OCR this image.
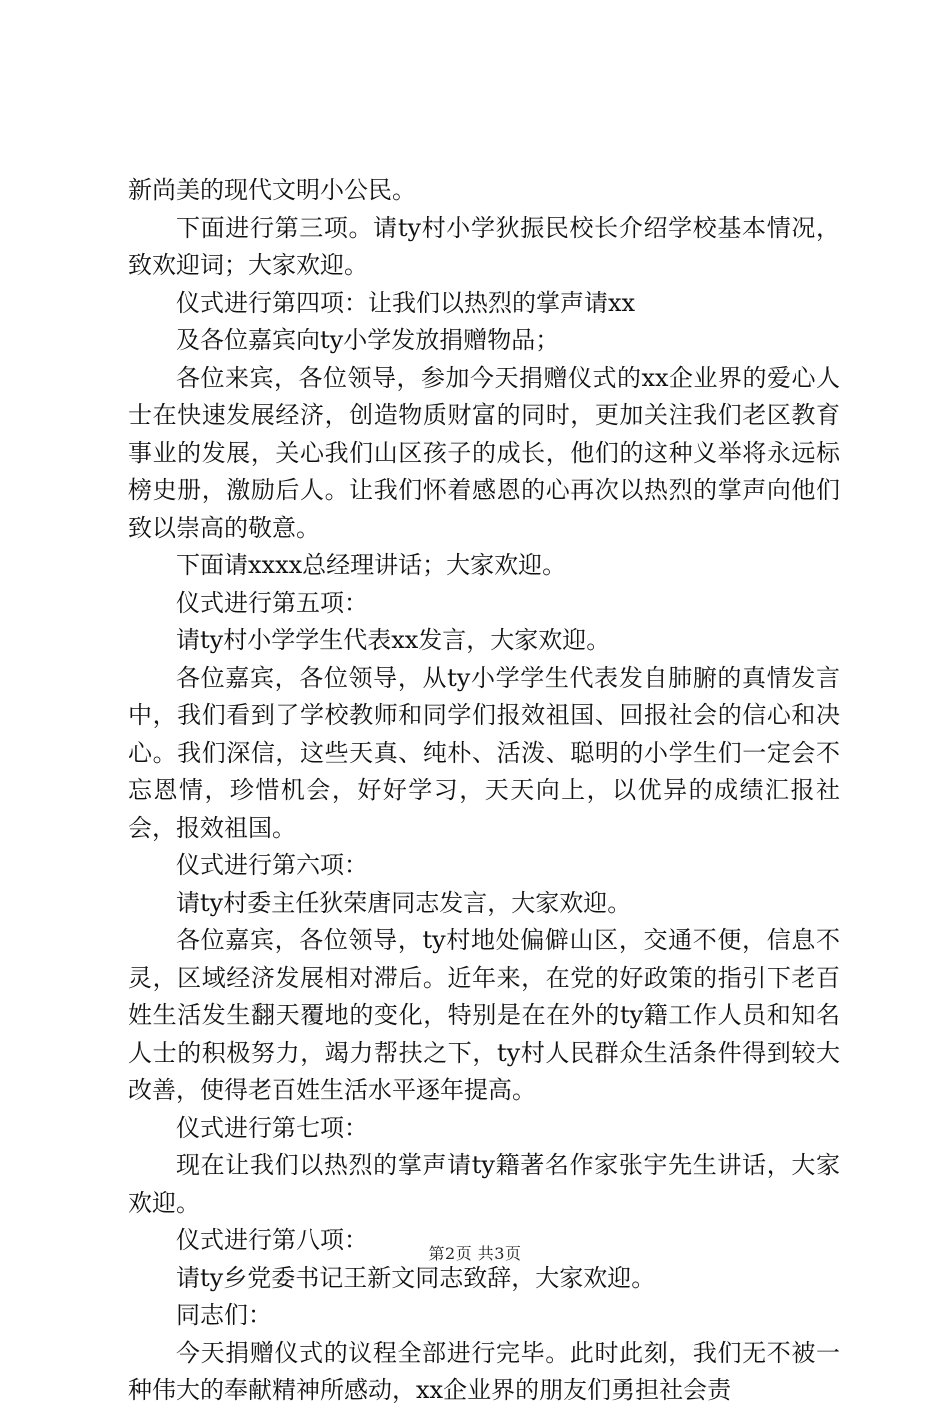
新尚美的现代文明小公民。

下面进行第三项。请ty村小学狄振民校长介绍学校基本情况，致欢迎词；大家欢迎。

仪式进行第四项：让我们以热烈的掌声请xx

及各位嘉宾向ty小学发放捐赠物品；

各位来宾，各位领导，参加今天捐赠仪式的xx企业界的爱心人士在快速发展经济，创造物质财富的同时，更加关注我们老区教育事业的发展，关心我们山区孩子的成长，他们的这种义举将永远标榜史册，激励后人。让我们怀着感恩的心再次以热烈的掌声向他们致以崇高的敬意。

下面请xxxx总经理讲话；大家欢迎。

仪式进行第五项：

请ty村小学学生代表xx发言，大家欢迎。

各位嘉宾，各位领导，从ty小学学生代表发自肺腑的真情发言中，我们看到了学校教师和同学们报效祖国、回报社会的信心和决心。我们深信，这些天真、纯朴、活泼、聪明的小学生们一定会不忘恩情，珍惜机会，好好学习，天天向上，以优异的成绩汇报社会，报效祖国。

仪式进行第六项：

请ty村委主任狄荣唐同志发言，大家欢迎。

各位嘉宾，各位领导，ty村地处偏僻山区，交通不便，信息不灵，区域经济发展相对滞后。近年来，在党的好政策的指引下老百姓生活发生翻天覆地的变化，特别是在在外的ty籍工作人员和知名人士的积极努力，竭力帮扶之下，ty村人民群众生活条件得到较大改善，使得老百姓生活水平逐年提高。

仪式进行第七项：

现在让我们以热烈的掌声请ty籍著名作家张宇先生讲话，大家欢迎。

仪式进行第八项：

请ty乡党委书记王新文同志致辞，大家欢迎。

同志们：

今天捐赠仪式的议程全部进行完毕。此时此刻，我们无不被一种伟大的奉献精神所感动，xx企业界的朋友们勇担社会责

第2页 共3页
